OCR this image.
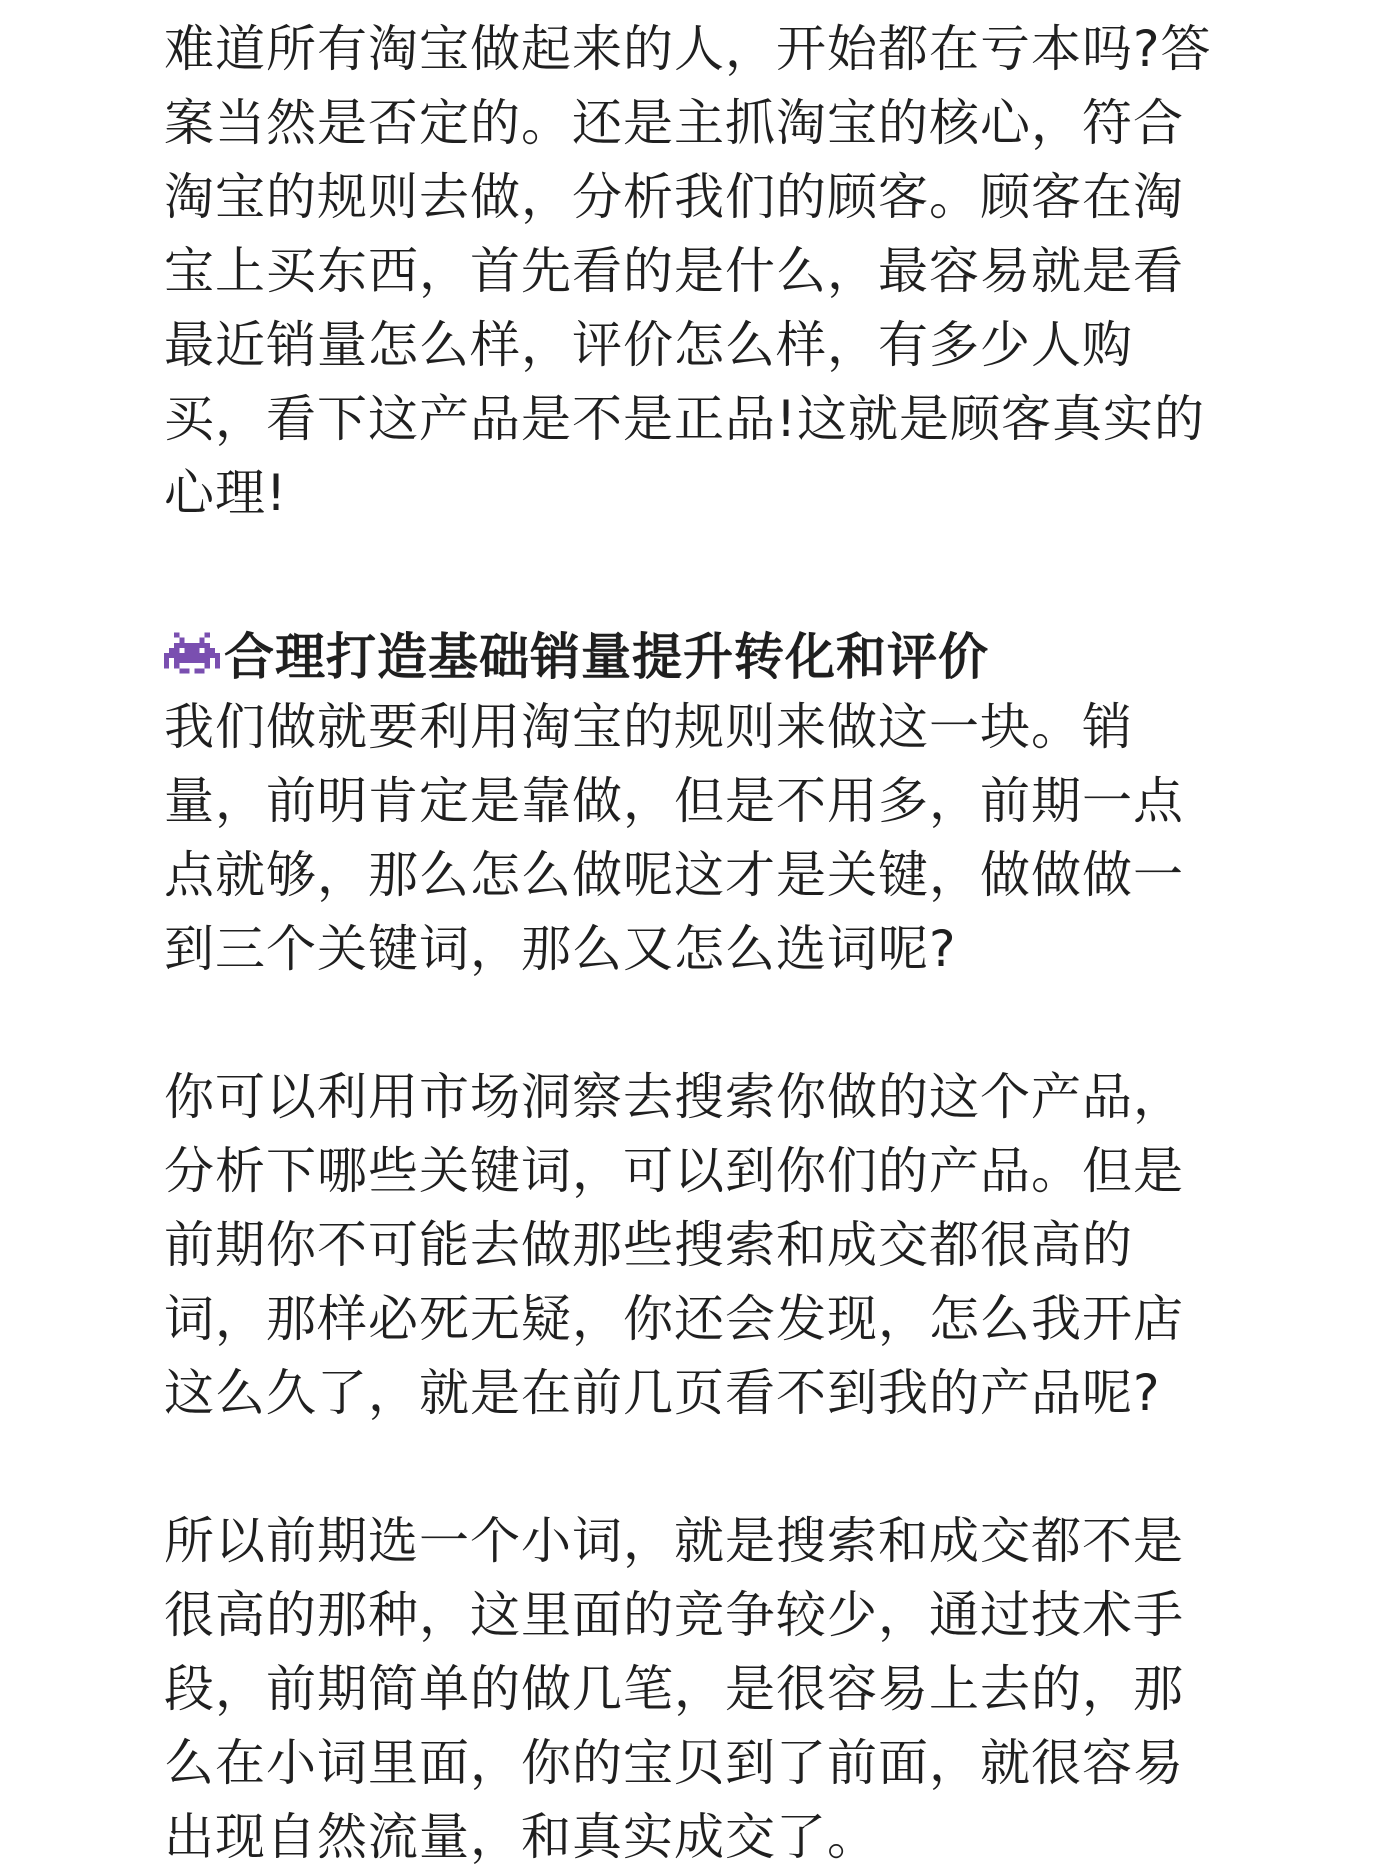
难道所有淘宝做起来的人，开始都在亏本吗?答
案当然是否定的。还是主抓淘宝的核心，符合
淘宝的规则去做，分析我们的顾客。顾客在淘
宝上买东西，首先看的是什么，最容易就是看
最近销量怎么样，评价怎么样，有多少人购
买，看下这产品是不是正品!这就是顾客真实的
心理!

合理打造基础销量提升转化和评价

我们做就要利用淘宝的规则来做这一块。销
量，前明肯定是靠做，但是不用多，前期一点
点就够，那么怎么做呢这才是关键，做做做一
到三个关键词，那么又怎么选词呢?

你可以利用市场洞察去搜索你做的这个产品，
分析下哪些关键词，可以到你们的产品。但是
前期你不可能去做那些搜索和成交都很高的
词，那样必死无疑，你还会发现，怎么我开店
这么久了，就是在前几页看不到我的产品呢?

所以前期选一个小词，就是搜索和成交都不是
很高的那种，这里面的竞争较少，通过技术手
段，前期简单的做几笔，是很容易上去的，那
么在小词里面，你的宝贝到了前面，就很容易
出现自然流量，和真实成交了。
